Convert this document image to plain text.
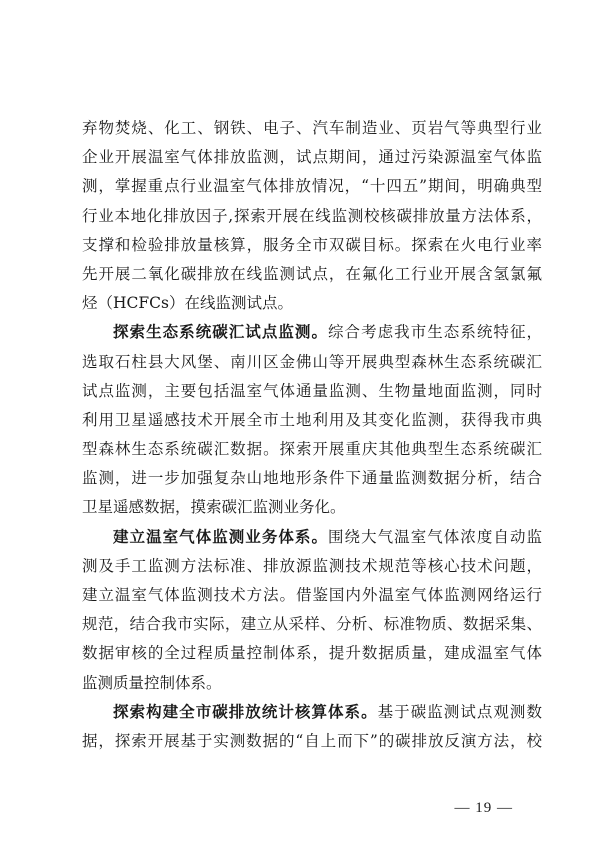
弃物焚烧、化工、钢铁、电子、汽车制造业、页岩气等典型行业
企业开展温室气体排放监测，试点期间，通过污染源温室气体监
测，掌握重点行业温室气体排放情况，“十四五”期间，明确典型
行业本地化排放因子,探索开展在线监测校核碳排放量方法体系，
支撑和检验排放量核算，服务全市双碳目标。探索在火电行业率
先开展二氧化碳排放在线监测试点，在氟化工行业开展含氢氯氟
烃（HCFCs）在线监测试点。
探索生态系统碳汇试点监测。综合考虑我市生态系统特征，
选取石柱县大风堡、南川区金佛山等开展典型森林生态系统碳汇
试点监测，主要包括温室气体通量监测、生物量地面监测，同时
利用卫星遥感技术开展全市土地利用及其变化监测，获得我市典
型森林生态系统碳汇数据。探索开展重庆其他典型生态系统碳汇
监测，进一步加强复杂山地地形条件下通量监测数据分析，结合
卫星遥感数据，摸索碳汇监测业务化。
建立温室气体监测业务体系。围绕大气温室气体浓度自动监
测及手工监测方法标准、排放源监测技术规范等核心技术问题，
建立温室气体监测技术方法。借鉴国内外温室气体监测网络运行
规范，结合我市实际，建立从采样、分析、标准物质、数据采集、
数据审核的全过程质量控制体系，提升数据质量，建成温室气体
监测质量控制体系。
探索构建全市碳排放统计核算体系。基于碳监测试点观测数
据，探索开展基于实测数据的“自上而下”的碳排放反演方法，校
— 19 —
